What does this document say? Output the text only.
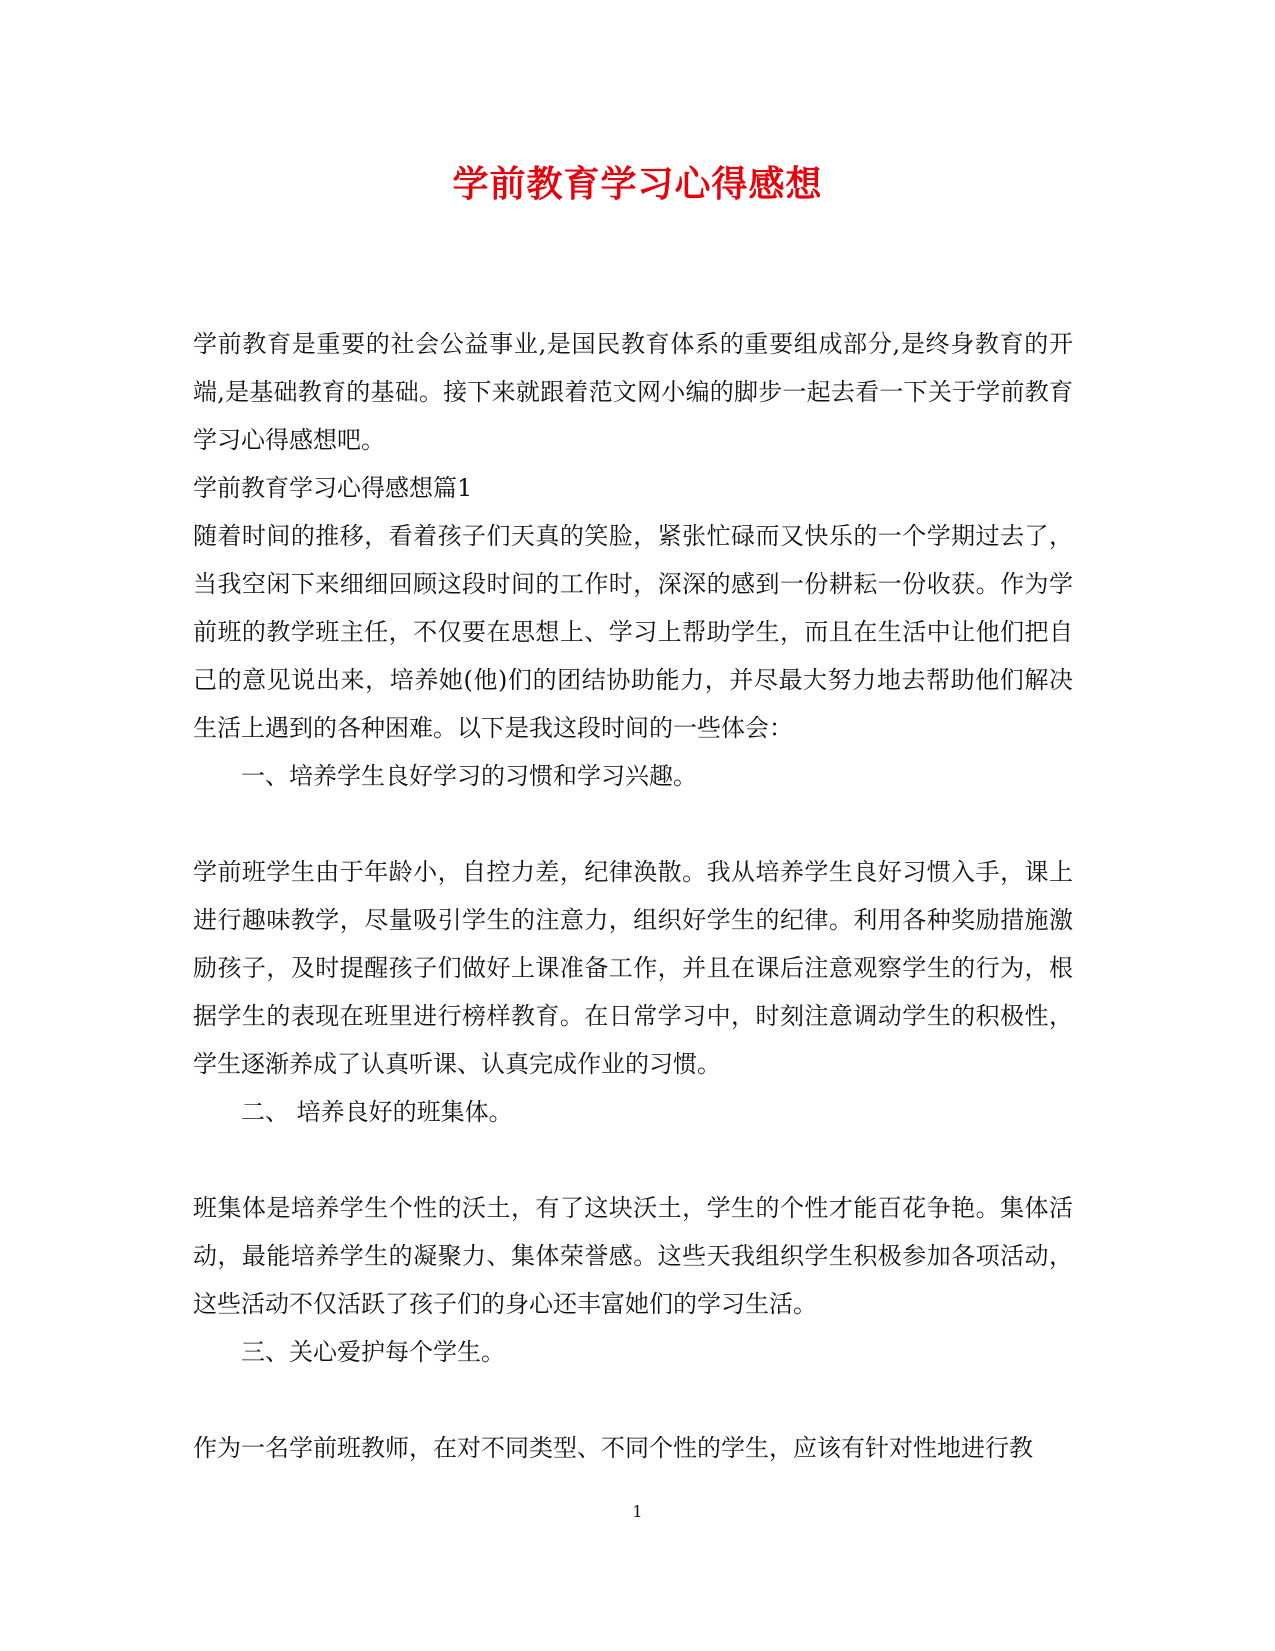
学前教育学习心得感想

学前教育是重要的社会公益事业,是国民教育体系的重要组成部分,是终身教育的开端,是基础教育的基础。接下来就跟着范文网小编的脚步一起去看一下关于学前教育学习心得感想吧。

学前教育学习心得感想篇1

随着时间的推移，看着孩子们天真的笑脸，紧张忙碌而又快乐的一个学期过去了，当我空闲下来细细回顾这段时间的工作时，深深的感到一份耕耘一份收获。作为学前班的教学班主任，不仅要在思想上、学习上帮助学生，而且在生活中让他们把自己的意见说出来，培养她(他)们的团结协助能力，并尽最大努力地去帮助他们解决生活上遇到的各种困难。以下是我这段时间的一些体会：

一、培养学生良好学习的习惯和学习兴趣。

学前班学生由于年龄小，自控力差，纪律涣散。我从培养学生良好习惯入手，课上进行趣味教学，尽量吸引学生的注意力，组织好学生的纪律。利用各种奖励措施激励孩子，及时提醒孩子们做好上课准备工作，并且在课后注意观察学生的行为，根据学生的表现在班里进行榜样教育。在日常学习中，时刻注意调动学生的积极性，学生逐渐养成了认真听课、认真完成作业的习惯。

二、 培养良好的班集体。

班集体是培养学生个性的沃土，有了这块沃土，学生的个性才能百花争艳。集体活动，最能培养学生的凝聚力、集体荣誉感。这些天我组织学生积极参加各项活动，这些活动不仅活跃了孩子们的身心还丰富她们的学习生活。

三、关心爱护每个学生。

作为一名学前班教师，在对不同类型、不同个性的学生，应该有针对性地进行教

1
